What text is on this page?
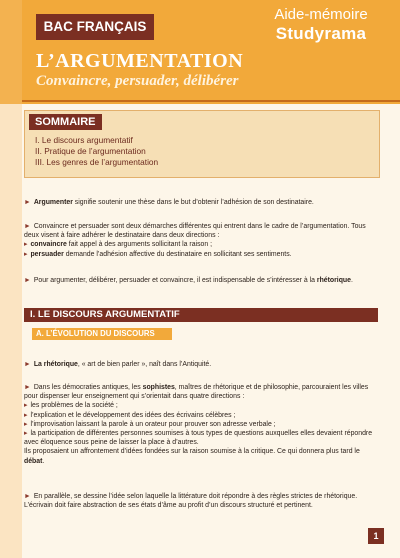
BAC FRANÇAIS
Aide-mémoire
Studyrama
L’ARGUMENTATION
Convaincre, persuader, délibérer
SOMMAIRE
I. Le discours argumentatif
II. Pratique de l’argumentation
III. Les genres de l’argumentation
► Argumenter signifie soutenir une thèse dans le but d’obtenir l’adhésion de son destinataire.
► Convaincre et persuader sont deux démarches différentes qui entrent dans le cadre de l’argumentation. Tous deux visent à faire adhérer le destinataire dans deux directions :
▸ convaincre fait appel à des arguments sollicitant la raison ;
▸ persuader demande l’adhésion affective du destinataire en sollicitant ses sentiments.
► Pour argumenter, délibérer, persuader et convaincre, il est indispensable de s’intéresser à la rhétorique.
I. LE DISCOURS ARGUMENTATIF
A. L’ÉVOLUTION DU DISCOURS
► La rhétorique, « art de bien parler », naît dans l’Antiquité.
► Dans les démocraties antiques, les sophistes, maîtres de rhétorique et de philosophie, parcouraient les villes pour dispenser leur enseignement qui s’orientait dans quatre directions :
▸ les problèmes de la société ;
▸ l’explication et le développement des idées des écrivains célèbres ;
▸ l’improvisation laissant la parole à un orateur pour prouver son adresse verbale ;
▸ la participation de différentes personnes soumises à tous types de questions auxquelles elles devaient répondre avec éloquence sous peine de laisser la place à d’autres.
Ils proposaient un affrontement d’idées fondées sur la raison soumise à la critique. Ce qui donnera plus tard le débat.
► En parallèle, se dessine l’idée selon laquelle la littérature doit répondre à des règles strictes de rhétorique. L’écrivain doit faire abstraction de ses états d’âme au profit d’un discours structuré et pertinent.
1
